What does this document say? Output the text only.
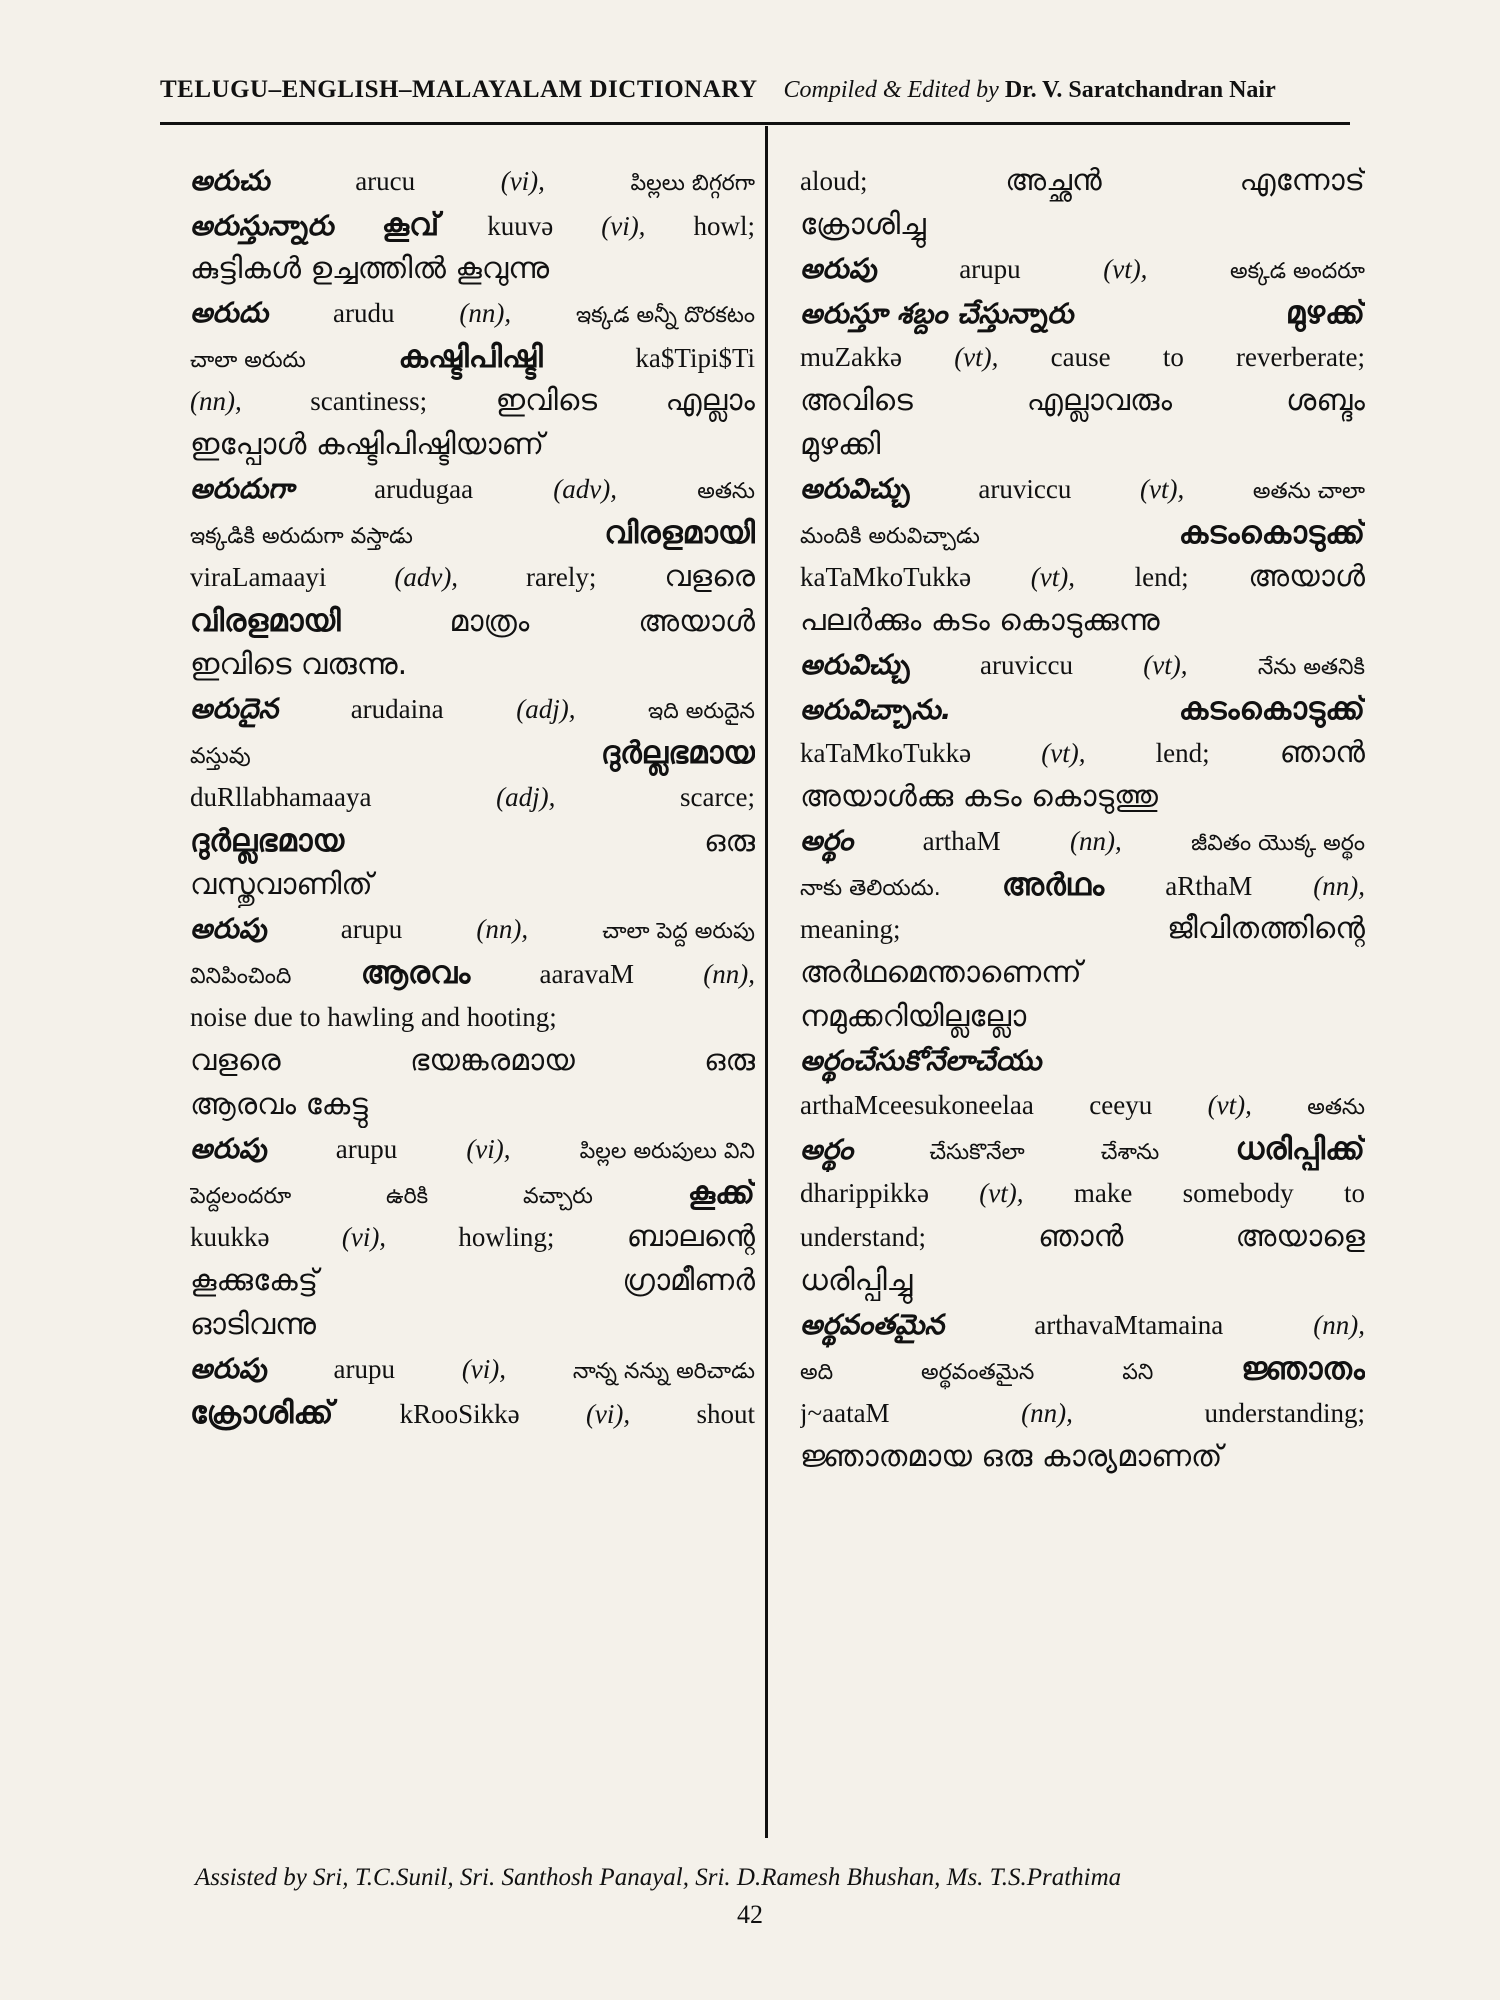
TELUGU–ENGLISH–MALAYALAM DICTIONARY Compiled & Edited by Dr. V. Saratchandran Nair
అరుచు	arucu	(vi),	పిల్లలు బిగ్గరగా
అరుస్తున్నారు കൂവ് kuuvə (vi), howl;
കുട്ടികൾ ഉച്ചത്തിൽ കൂവുന്നു
అరుదు arudu (nn),	ఇక్కడ అన్నీ దొరకటం
చాలా అరుదు	കഷ്ടിപിഷ്ടി	ka$Tipi$Ti
(nn),	scantiness; ഇവിടെ എല്ലാം
ഇപ്പോൾ കഷ്ടിപിഷ്ടിയാണ്
అరుదుగా	arudugaa	(adv),	అతను
ఇక్కడికి అరుదుగా వస్తాడు	വിരളമായി
viraLamaayi	(adv),	rarely; വളരെ
വിരളമായി	മാത്രം	അയാൾ
ഇവിടെ വരുന്നു.
అరుదైన	arudaina	(adj),	ఇది అరుదైన
వస్తువు	ദുർല്ലഭമായ
duRllabhamaaya	(adj),	scarce;
ദുർല്ലഭമായ	ഒരു
വസ്തുവാണിത്
అరుపు	arupu	(nn),	చాలా పెద్ద అరుపు
వినిపించింది ആരവം	aaravaM	(nn),
noise due to hawling and hooting;
വളരെ	ഭയങ്കരമായ	ഒരു
ആരവം കേട്ടു
అరుపు	arupu	(vi),	పిల్లల అరుపులు విని
పెద్దలందరూ	ఉరికి	వచ్చారు	കൂക്ക്
kuukkə	(vi),	howling; ബാലന്റെ
കൂക്കുകേട്ട്	ഗ്രാമീണർ
ഓടിവന്നു
అరుపు arupu (vi),	నాన్న నన్ను అరిచాడు
ക്രോശിക്ക് kRooSikkə (vi), shout
aloud;	അച്ഛൻ	എന്നോട്
ക്രോശിച്ചു
అరుపు	arupu	(vt),	అక్కడ అందరూ
అరుస్తూ శబ్దం చేస్తున్నారు	മുഴക്ക്
muZakkə (vt), cause to reverberate;
അവിടെ	എല്ലാവരും	ശബ്ദം
മുഴക്കി
అరువిచ్చు	aruviccu	(vt),	అతను చాలా
మందికి అరువిచ్చాడు	കടംകൊടുക്ക്
kaTaMkoTukkə (vt), lend; അയാൾ
പലർക്കും കടം കൊടുക്കുന്നു
అరువిచ్చు	aruviccu	(vt),	నేను అతనికి
అరువిచ్చాను.	കടംകൊടുക്ക്
kaTaMkoTukkə	(vt),	lend; ഞാൻ
അയാൾക്കു കടം കൊടുത്തു
అర్థం	arthaM	(nn),	జీవితం యొక్క అర్థం
నాకు తెలియదు. അർഥം aRthaM (nn),
meaning;	ജീവിതത്തിന്റെ
അർഥമെന്താണെന്ന്
നമുക്കറിയില്ലല്ലോ
అర్థంచేసుకోనేలాచేయు
arthaMceesukoneelaa ceeyu (vt),	అతను
అర్థం	చేసుకొనేలా	చేశాను ധരിപ്പിക്ക്
dharippikkə (vt), make somebody to
understand;	ഞാൻ	അയാളെ
ധരിപ്പിച്ചു
అర్థవంతమైన	arthavaMtamaina	(nn),
అది	అర్థవంతమైన	పని	ജ്ഞാതം
j~aataM	(nn),	understanding;
ജ്ഞാതമായ ഒരു കാര്യമാണത്
Assisted by Sri, T.C.Sunil, Sri. Santhosh Panayal, Sri. D.Ramesh Bhushan, Ms. T.S.Prathima
42
